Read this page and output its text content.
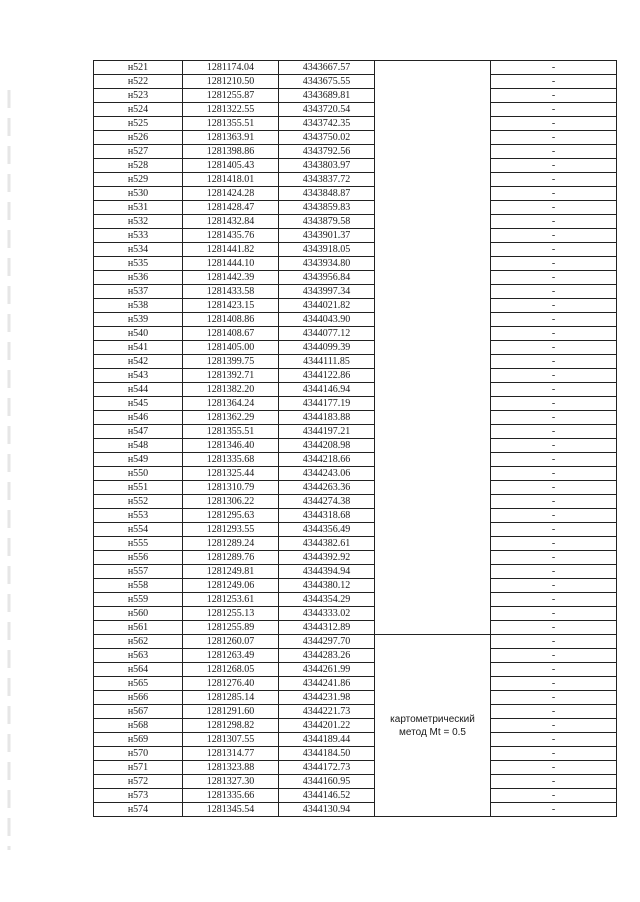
н521	1281174.04	4343667.57		-
н522	1281210.50	4343675.55		-
н523	1281255.87	4343689.81		-
н524	1281322.55	4343720.54		-
н525	1281355.51	4343742.35		-
н526	1281363.91	4343750.02		-
н527	1281398.86	4343792.56		-
н528	1281405.43	4343803.97		-
н529	1281418.01	4343837.72		-
н530	1281424.28	4343848.87		-
н531	1281428.47	4343859.83		-
н532	1281432.84	4343879.58		-
н533	1281435.76	4343901.37		-
н534	1281441.82	4343918.05		-
н535	1281444.10	4343934.80		-
н536	1281442.39	4343956.84		-
н537	1281433.58	4343997.34		-
н538	1281423.15	4344021.82		-
н539	1281408.86	4344043.90		-
н540	1281408.67	4344077.12		-
н541	1281405.00	4344099.39		-
н542	1281399.75	4344111.85		-
н543	1281392.71	4344122.86		-
н544	1281382.20	4344146.94		-
н545	1281364.24	4344177.19		-
н546	1281362.29	4344183.88		-
н547	1281355.51	4344197.21		-
н548	1281346.40	4344208.98		-
н549	1281335.68	4344218.66		-
н550	1281325.44	4344243.06		-
н551	1281310.79	4344263.36		-
н552	1281306.22	4344274.38		-
н553	1281295.63	4344318.68		-
н554	1281293.55	4344356.49		-
н555	1281289.24	4344382.61		-
н556	1281289.76	4344392.92		-
н557	1281249.81	4344394.94		-
н558	1281249.06	4344380.12		-
н559	1281253.61	4344354.29		-
н560	1281255.13	4344333.02		-
н561	1281255.89	4344312.89		-
н562	1281260.07	4344297.70	картометрический метод Mt = 0.5	-
н563	1281263.49	4344283.26		-
н564	1281268.05	4344261.99		-
н565	1281276.40	4344241.86		-
н566	1281285.14	4344231.98		-
н567	1281291.60	4344221.73		-
н568	1281298.82	4344201.22		-
н569	1281307.55	4344189.44		-
н570	1281314.77	4344184.50		-
н571	1281323.88	4344172.73		-
н572	1281327.30	4344160.95		-
н573	1281335.66	4344146.52		-
н574	1281345.54	4344130.94		-
